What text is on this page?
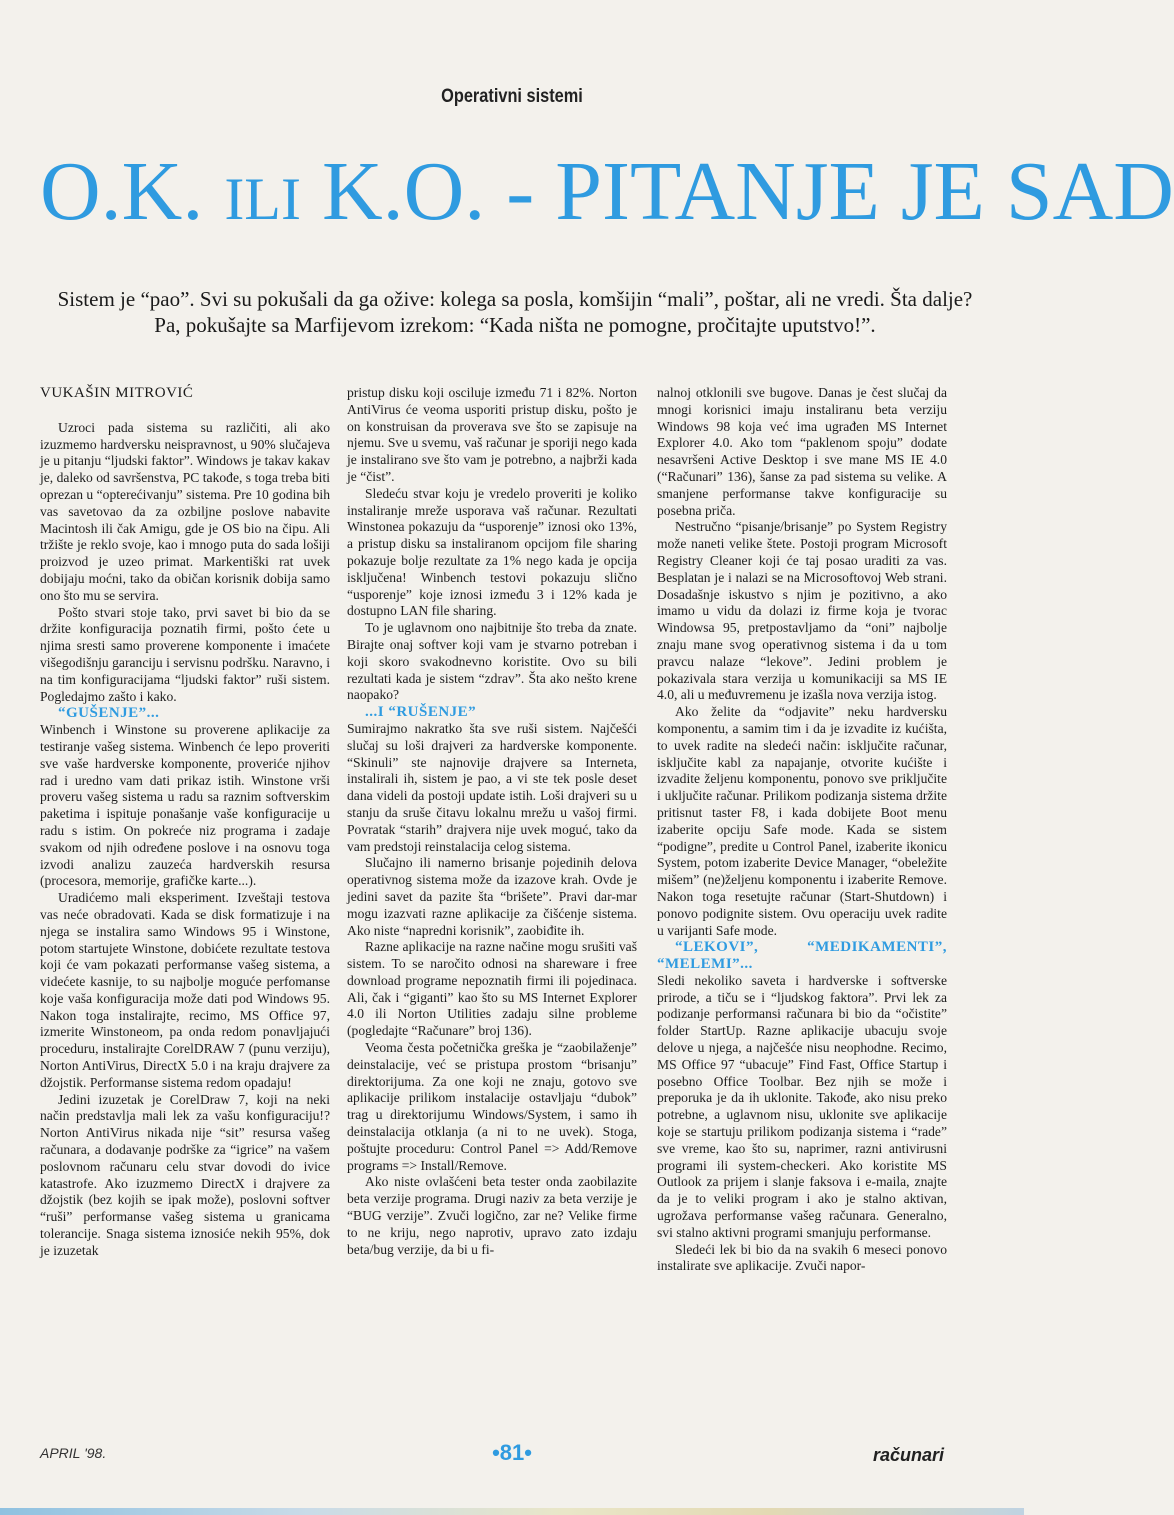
Operativni sistemi
O.K. ILI K.O. - PITANJE JE SAD
Sistem je “pao”. Svi su pokušali da ga ožive: kolega sa posla, komšijin “mali”, poštar, ali ne vredi. Šta dalje? Pa, pokušajte sa Marfijevom izrekom: “Kada ništa ne pomogne, pročitajte uputstvo!”.
VUKAŠIN MITROVIĆ

Uzroci pada sistema su različiti, ali ako izuzmemo hardversku neispravnost, u 90% slučajeva je u pitanju “ljudski faktor”. Windows je takav kakav je, daleko od savršenstva, PC takođe, s toga treba biti oprezan u “opterećivanju” sistema. Pre 10 godina bih vas savetovao da za ozbiljne poslove nabavite Macintosh ili čak Amigu, gde je OS bio na čipu. Ali tržište je reklo svoje, kao i mnogo puta do sada lošiji proizvod je uzeo primat. Markentiški rat uvek dobijaju moćni, tako da običan korisnik dobija samo ono što mu se servira.

Pošto stvari stoje tako, prvi savet bi bio da se držite konfiguracija poznatih firmi, pošto ćete u njima sresti samo proverene komponente i imaćete višegodišnju garanciju i servisnu podršku. Naravno, i na tim konfiguracijama “ljudski faktor” ruši sistem. Pogledajmo zašto i kako.

“GUŠENJE”...

Winbench i Winstone su proverene aplikacije za testiranje vašeg sistema. Winbench će lepo proveriti sve vaše hardverske komponente, proveriće njihov rad i uredno vam dati prikaz istih. Winstone vrši proveru vašeg sistema u radu sa raznim softverskim paketima i ispituje ponašanje vaše konfiguracije u radu s istim. On pokreće niz programa i zadaje svakom od njih određene poslove i na osnovu toga izvodi analizu zauzeća hardverskih resursa (procesora, memorije, grafičke karte...).

Uradićemo mali eksperiment. Izveštaji testova vas neće obradovati. Kada se disk formatizuje i na njega se instalira samo Windows 95 i Winstone, potom startujete Winstone, dobićete rezultate testova koji će vam pokazati performanse vašeg sistema, a videćete kasnije, to su najbolje moguće perfomanse koje vaša konfiguracija može dati pod Windows 95. Nakon toga instalirajte, recimo, MS Office 97, izmerite Winstoneom, pa onda redom ponavljajući proceduru, instalirajte CorelDRAW 7 (punu verziju), Norton AntiVirus, DirectX 5.0 i na kraju drajvere za džojstik. Performanse sistema redom opadaju!

Jedini izuzetak je CorelDraw 7, koji na neki način predstavlja mali lek za vašu konfiguraciju!? Norton AntiVirus nikada nije “sit” resursa vašeg računara, a dodavanje podrške za “igrice” na vašem poslovnom računaru celu stvar dovodi do ivice katastrofe. Ako izuzmemo DirectX i drajvere za džojstik (bez kojih se ipak može), poslovni softver “ruši” performanse vašeg sistema u granicama tolerancije. Snaga sistema iznosiće nekih 95%, dok je izuzetak

pristup disku koji osciluje između 71 i 82%. Norton AntiVirus će veoma usporiti pristup disku, pošto je on konstruisan da proverava sve što se zapisuje na njemu. Sve u svemu, vaš računar je sporiji nego kada je instalirano sve što vam je potrebno, a najbrži kada je “čist”.

Sledeću stvar koju je vredelo proveriti je koliko instaliranje mreže usporava vaš računar. Rezultati Winstonea pokazuju da “usporenje” iznosi oko 13%, a pristup disku sa instaliranom opcijom file sharing pokazuje bolje rezultate za 1% nego kada je opcija isključena! Winbench testovi pokazuju slično “usporenje” koje iznosi između 3 i 12% kada je dostupno LAN file sharing.

To je uglavnom ono najbitnije što treba da znate. Birajte onaj softver koji vam je stvarno potreban i koji skoro svakodnevno koristite. Ovo su bili rezultati kada je sistem “zdrav”. Šta ako nešto krene naopako?

...I “RUŠENJE”

Sumirajmo nakratko šta sve ruši sistem. Najčešći slučaj su loši drajveri za hardverske komponente. “Skinuli” ste najnovije drajvere sa Interneta, instalirali ih, sistem je pao, a vi ste tek posle deset dana videli da postoji update istih. Loši drajveri su u stanju da sruše čitavu lokalnu mrežu u vašoj firmi. Povratak “starih” drajvera nije uvek moguć, tako da vam predstoji reinstalacija celog sistema.

Slučajno ili namerno brisanje pojedinih delova operativnog sistema može da izazove krah. Ovde je jedini savet da pazite šta “brišete”. Pravi dar-mar mogu izazvati razne aplikacije za čišćenje sistema. Ako niste “napredni korisnik”, zaobiđite ih.

Razne aplikacije na razne načine mogu srušiti vaš sistem. To se naročito odnosi na shareware i free download programe nepoznatih firmi ili pojedinaca. Ali, čak i “giganti” kao što su MS Internet Explorer 4.0 ili Norton Utilities zadaju silne probleme (pogledajte “Računare” broj 136).

Veoma česta početnička greška je “zaobilaženje” deinstalacije, već se pristupa prostom “brisanju” direktorijuma. Za one koji ne znaju, gotovo sve aplikacije prilikom instalacije ostavljaju “dubok” trag u direktorijumu Windows/System, i samo ih deinstalacija otklanja (a ni to ne uvek). Stoga, poštujte proceduru: Control Panel => Add/Remove programs => Install/Remove.

Ako niste ovlašćeni beta tester onda zaobilazite beta verzije programa. Drugi naziv za beta verzije je “BUG verzije”. Zvuči logično, zar ne? Velike firme to ne kriju, nego naprotiv, upravo zato izdaju beta/bug verzije, da bi u fi-

nalnoj otklonili sve bugove. Danas je čest slučaj da mnogi korisnici imaju instaliranu beta verziju Windows 98 koja već ima ugrađen MS Internet Explorer 4.0. Ako tom “paklenom spoju” dodate nesavršeni Active Desktop i sve mane MS IE 4.0 (“Računari” 136), šanse za pad sistema su velike. A smanjene performanse takve konfiguracije su posebna priča.

Nestručno “pisanje/brisanje” po System Registry može naneti velike štete. Postoji program Microsoft Registry Cleaner koji će taj posao uraditi za vas. Besplatan je i nalazi se na Microsoftovoj Web strani. Dosadašnje iskustvo s njim je pozitivno, a ako imamo u vidu da dolazi iz firme koja je tvorac Windowsa 95, pretpostavljamo da “oni” najbolje znaju mane svog operativnog sistema i da u tom pravcu nalaze “lekove”. Jedini problem je pokazivala stara verzija u komunikaciji sa MS IE 4.0, ali u međuvremenu je izašla nova verzija istog.

Ako želite da “odjavite” neku hardversku komponentu, a samim tim i da je izvadite iz kućišta, to uvek radite na sledeći način: isključite računar, isključite kabl za napajanje, otvorite kućište i izvadite željenu komponentu, ponovo sve priključite i uključite računar. Prilikom podizanja sistema držite pritisnut taster F8, i kada dobijete Boot menu izaberite opciju Safe mode. Kada se sistem “podigne”, predite u Control Panel, izaberite ikonicu System, potom izaberite Device Manager, “obeležite mišem” (ne)željenu komponentu i izaberite Remove. Nakon toga resetujte računar (Start-Shutdown) i ponovo podignite sistem. Ovu operaciju uvek radite u varijanti Safe mode.

“LEKOVI”, “MEDIKAMENTI”, “MELEMI”...

Sledi nekoliko saveta i hardverske i softverske prirode, a tiču se i “ljudskog faktora”. Prvi lek za podizanje performansi računara bi bio da “očistite” folder StartUp. Razne aplikacije ubacuju svoje delove u njega, a najčešće nisu neophodne. Recimo, MS Office 97 “ubacuje” Find Fast, Office Startup i posebno Office Toolbar. Bez njih se može i preporuka je da ih uklonite. Takođe, ako nisu preko potrebne, a uglavnom nisu, uklonite sve aplikacije koje se startuju prilikom podizanja sistema i “rade” sve vreme, kao što su, naprimer, razni antivirusni programi ili system-checkeri. Ako koristite MS Outlook za prijem i slanje faksova i e-maila, znajte da je to veliki program i ako je stalno aktivan, ugrožava performanse vašeg računara. Generalno, svi stalno aktivni programi smanjuju performanse.

Sledeći lek bi bio da na svakih 6 meseci ponovo instalirate sve aplikacije. Zvuči napor-

APRIL '98.	•81•	računari
